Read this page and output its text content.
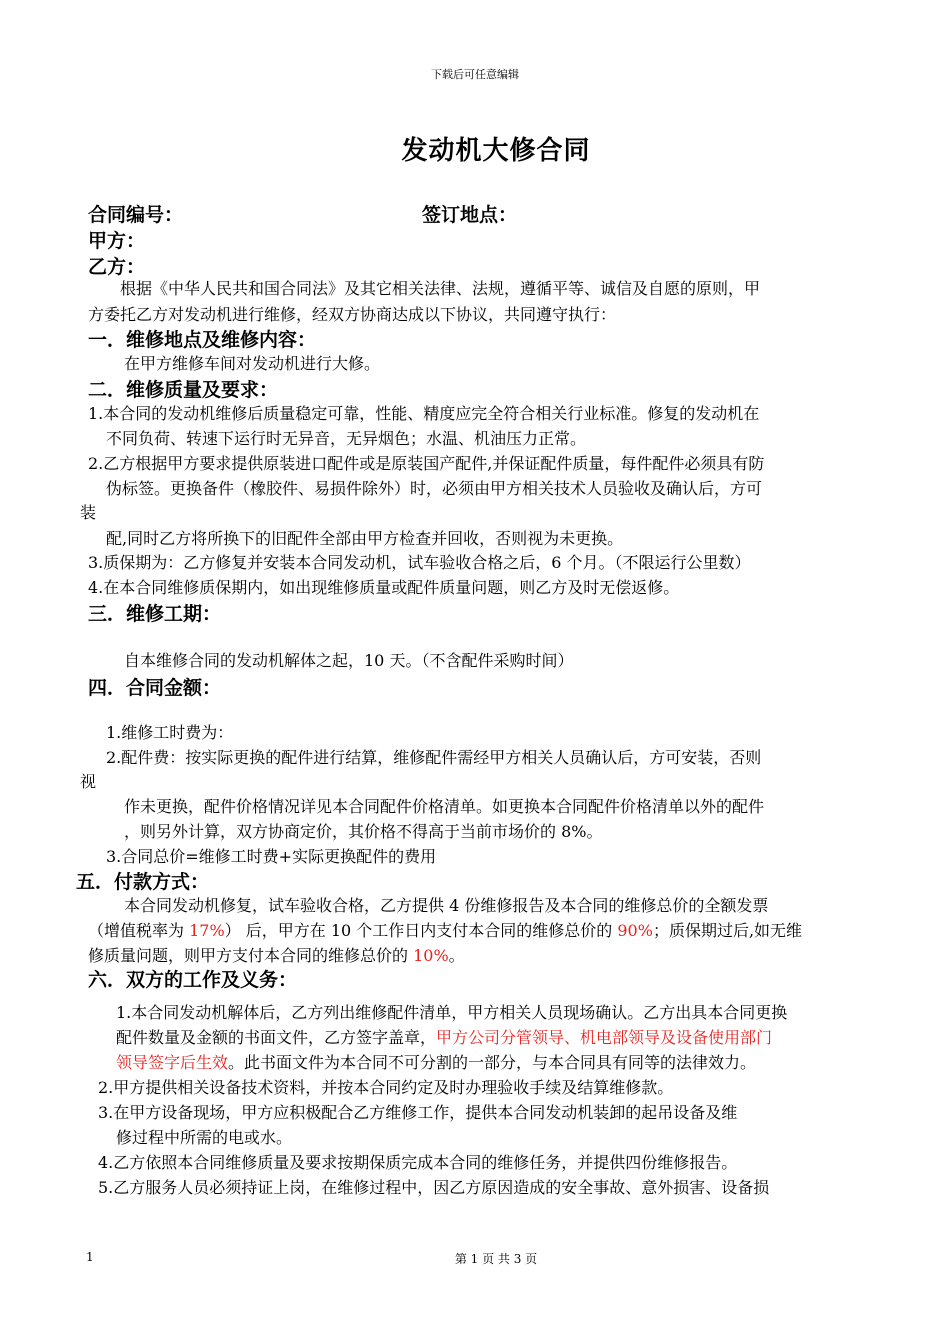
下载后可任意编辑
发动机大修合同
合同编号：	签订地点：
甲方：
乙方：
根据《中华人民共和国合同法》及其它相关法律、法规，遵循平等、诚信及自愿的原则，甲
方委托乙方对发动机进行维修，经双方协商达成以下协议，共同遵守执行：
一．维修地点及维修内容：
在甲方维修车间对发动机进行大修。
二．维修质量及要求：
1.本合同的发动机维修后质量稳定可靠，性能、精度应完全符合相关行业标准。修复的发动机在
不同负荷、转速下运行时无异音，无异烟色；水温、机油压力正常。
2.乙方根据甲方要求提供原装进口配件或是原装国产配件,并保证配件质量，每件配件必须具有防
伪标签。更换备件（橡胶件、易损件除外）时，必须由甲方相关技术人员验收及确认后，方可
装
配,同时乙方将所换下的旧配件全部由甲方检查并回收，否则视为未更换。
3.质保期为：乙方修复并安装本合同发动机，试车验收合格之后，6 个月。（不限运行公里数）
4.在本合同维修质保期内，如出现维修质量或配件质量问题，则乙方及时无偿返修。
三．维修工期：
自本维修合同的发动机解体之起，10 天。（不含配件采购时间）
四．合同金额：
1.维修工时费为：
2.配件费：按实际更换的配件进行结算，维修配件需经甲方相关人员确认后，方可安装，否则
视
作未更换，配件价格情况详见本合同配件价格清单。如更换本合同配件价格清单以外的配件
，则另外计算，双方协商定价，其价格不得高于当前市场价的 8%。
3.合同总价=维修工时费+实际更换配件的费用
五．付款方式：
本合同发动机修复，试车验收合格，乙方提供 4 份维修报告及本合同的维修总价的全额发票
（增值税率为 17%） 后，甲方在 10 个工作日内支付本合同的维修总价的 90%；质保期过后,如无维
修质量问题，则甲方支付本合同的维修总价的 10%。
六．双方的工作及义务：
1.本合同发动机解体后，乙方列出维修配件清单，甲方相关人员现场确认。乙方出具本合同更换
配件数量及金额的书面文件，乙方签字盖章，甲方公司分管领导、机电部领导及设备使用部门
领导签字后生效。此书面文件为本合同不可分割的一部分，与本合同具有同等的法律效力。
2.甲方提供相关设备技术资料，并按本合同约定及时办理验收手续及结算维修款。
3.在甲方设备现场，甲方应积极配合乙方维修工作，提供本合同发动机装卸的起吊设备及维
修过程中所需的电或水。
4.乙方依照本合同维修质量及要求按期保质完成本合同的维修任务，并提供四份维修报告。
5.乙方服务人员必须持证上岗，在维修过程中，因乙方原因造成的安全事故、意外损害、设备损
1	第 1 页 共 3 页
